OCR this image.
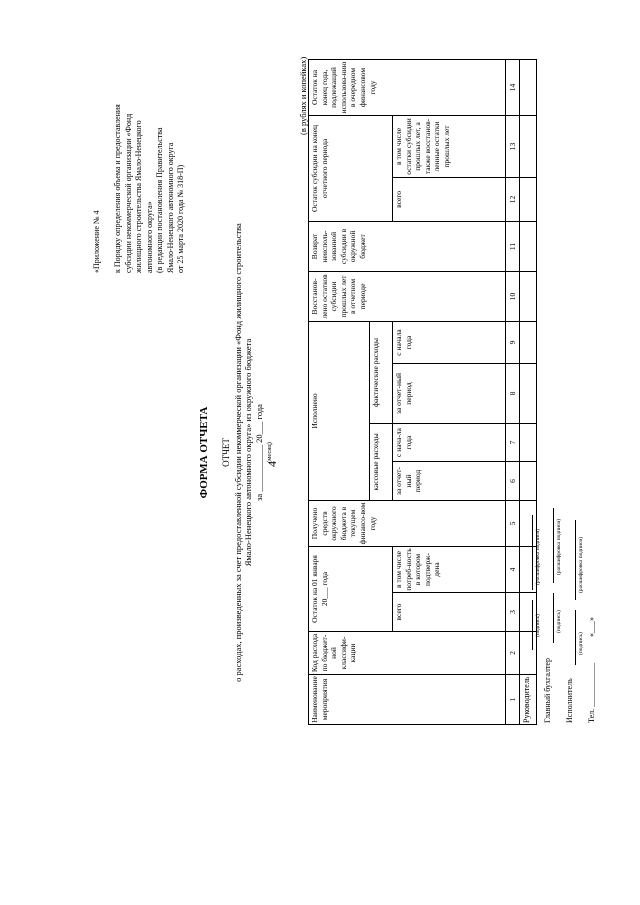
4
«Приложение № 4
к Порядку определения объема и предоставления субсидии некоммерческой организации «Фонд жилищного строительства Ямало-Ненецкого автономного округа» (в редакции постановления Правительства Ямало-Ненецкого автономного округа от 25 марта 2020 года № 318-П)
ФОРМА ОТЧЕТА ОТЧЕТ о расходах, произведенных за счет предоставленной субсидии некоммерческой организации «Фонд жилищного строительства Ямало-Ненецкого автономного округа» из окружного бюджета за ___________ 20___ года (месяц)
(в рублях и копейках)
Наименование мероприятия	Код расхода по бюджет-ной классифи-кации	Остаток на 01 января 20___ года		Получено средств окружного бюджета в текущем финансо-вом году	Исполнено				Восстанов-лено остатков субсидии прошлых лет в отчетном периоде	Возврат неисполь-зованной субсидии в окружной бюджет	Остаток субсидии на конец отчетного периода		Остаток на конец года, подлежащий использова-нию в очередном финансовом году
					кассовые расходы		фактические расходы						
		всего	в том числе потреб-ность в котором подтверж-дена		за отчет-ный период	с нача-ла года	за отчет-ный период	с начала года			всего	в том числе остатки субсидии прошлых лет, а также восстанов-ленные остатки прошлых лет	

1	2	3	4	5	6	7	8	9	10	11	12	13	14

Руководитель
(подпись)
(расшифровка подписи)
Главный бухгалтер
(подпись)
(расшифровка подписи)
Исполнитель
(подпись)
(расшифровка подписи)
Тел. ___________
«___»
